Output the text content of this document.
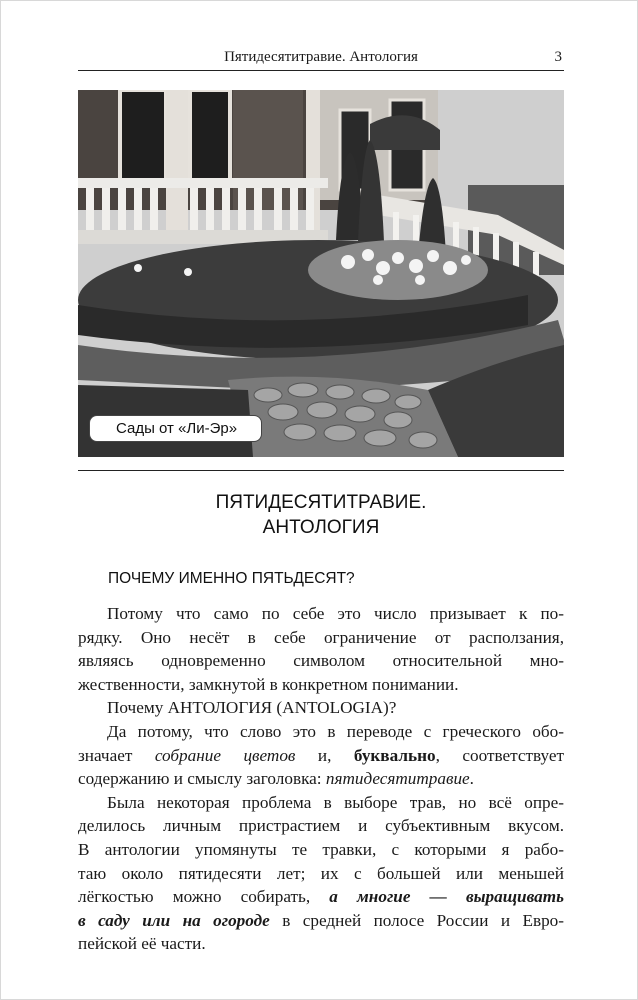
Пятидесятитравие. Антология	3
Сады от «Ли-Эр»
ПЯТИДЕСЯТИТРАВИЕ.
АНТОЛОГИЯ
ПОЧЕМУ ИМЕННО ПЯТЬДЕСЯТ?
Потому что само по себе это число призывает к по-
рядку. Оно несёт в себе ограничение от расползания,
являясь одновременно символом относительной мно-
жественности, замкнутой в конкретном понимании.
Почему АНТОЛОГИЯ (ANTOLOGIA)?
Да потому, что слово это в переводе с греческого обо-
значает собрание цветов и, буквально, соответствует
содержанию и смыслу заголовка: пятидесятитравие.
Была некоторая проблема в выборе трав, но всё опре-
делилось личным пристрастием и субъективным вкусом.
В антологии упомянуты те травки, с которыми я рабо-
таю около пятидесяти лет; их с большей или меньшей
лёгкостью можно собирать, а многие — выращивать
в саду или на огороде в средней полосе России и Евро-
пейской её части.
